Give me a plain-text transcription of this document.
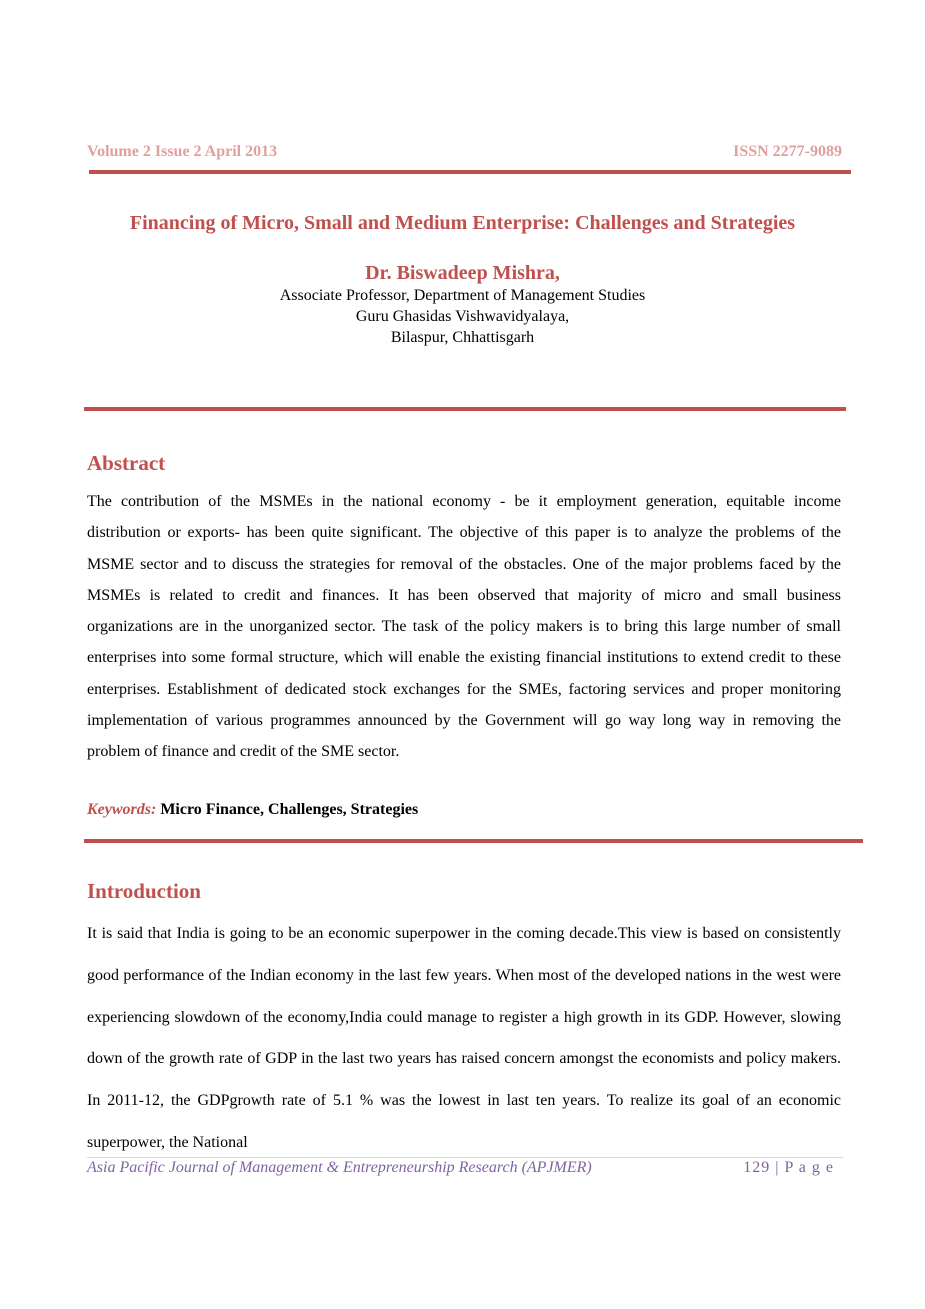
Volume 2 Issue 2 April 2013	ISSN 2277-9089
Financing of Micro, Small and Medium Enterprise: Challenges and Strategies
Dr. Biswadeep Mishra,
Associate Professor, Department of Management Studies
Guru Ghasidas Vishwavidyalaya,
Bilaspur, Chhattisgarh
Abstract
The contribution of the MSMEs in the national economy - be it employment generation, equitable income distribution or exports- has been quite significant. The objective of this paper is to analyze the problems of the MSME sector and to discuss the strategies for removal of the obstacles. One of the major problems faced by the MSMEs is related to credit and finances. It has been observed that majority of micro and small business organizations are in the unorganized sector. The task of the policy makers is to bring this large number of small enterprises into some formal structure, which will enable the existing financial institutions to extend credit to these enterprises. Establishment of dedicated stock exchanges for the SMEs, factoring services and proper monitoring implementation of various programmes announced by the Government will go way long way in removing the problem of finance and credit of the SME sector.
Keywords: Micro Finance, Challenges, Strategies
Introduction
It is said that India is going to be an economic superpower in the coming decade.This view is based on consistently good performance of the Indian economy in the last few years. When most of the developed nations in the west were experiencing slowdown of the economy,India could manage to register a high growth in its GDP. However, slowing down of the growth rate of GDP in the last two years has raised concern amongst the economists and policy makers. In 2011-12, the GDPgrowth rate of 5.1 % was the lowest in last ten years. To realize its goal of an economic superpower, the National
Asia Pacific Journal of Management & Entrepreneurship Research (APJMER)	129 | P a g e
